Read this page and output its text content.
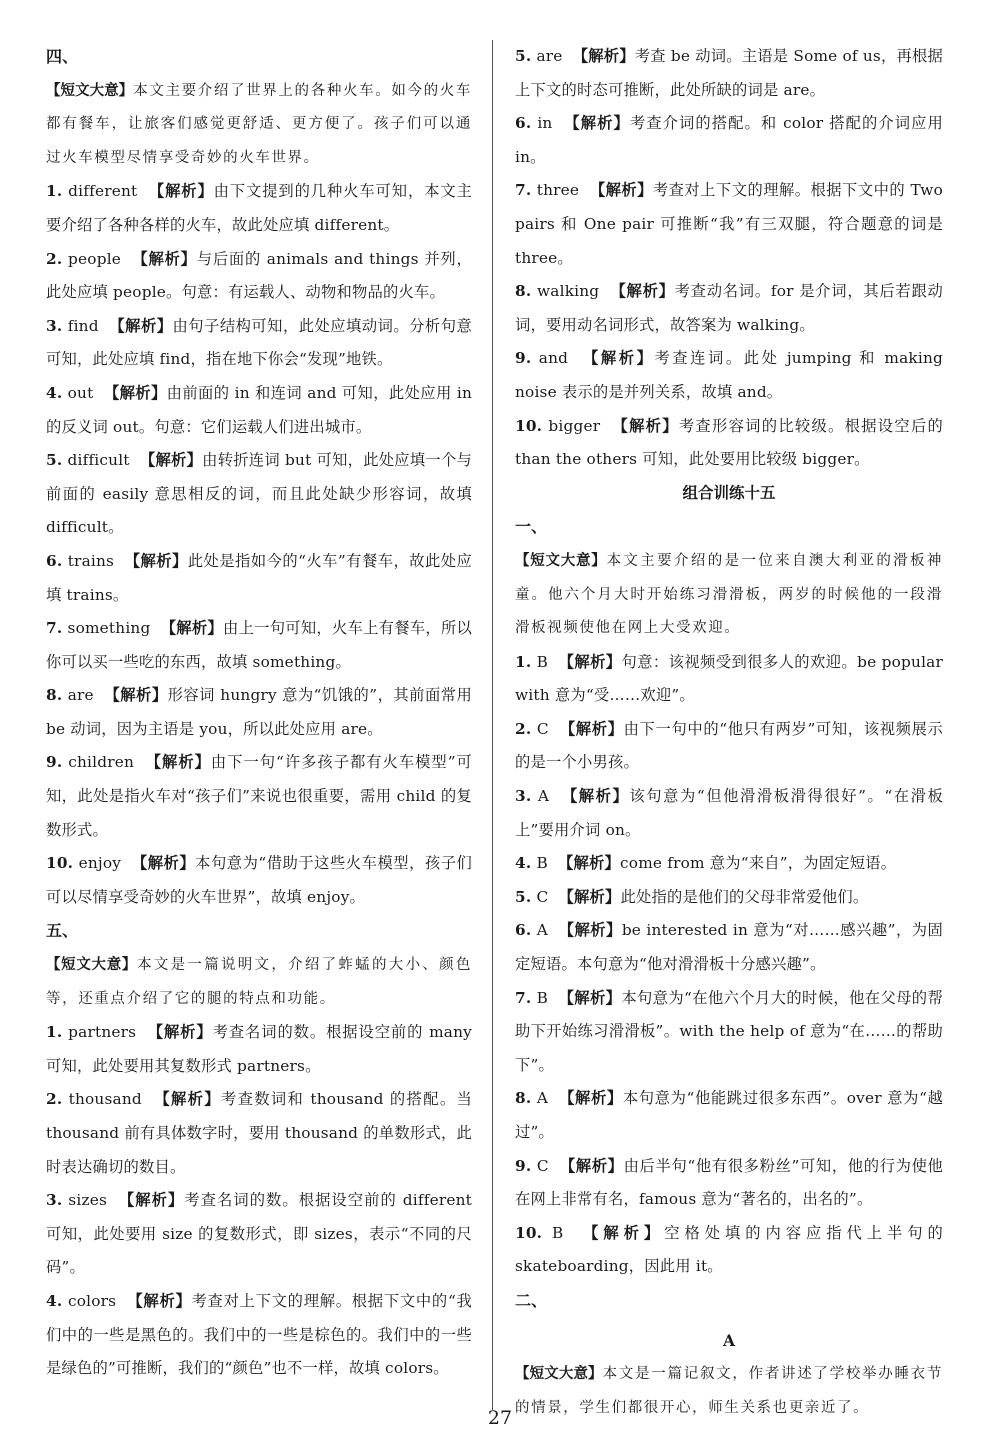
四、

【短文大意】本文主要介绍了世界上的各种火车。如今的火车都有餐车，让旅客们感觉更舒适、更方便了。孩子们可以通过火车模型尽情享受奇妙的火车世界。

1. different 【解析】由下文提到的几种火车可知，本文主要介绍了各种各样的火车，故此处应填 different。

2. people 【解析】与后面的 animals and things 并列，此处应填 people。句意：有运载人、动物和物品的火车。

3. find 【解析】由句子结构可知，此处应填动词。分析句意可知，此处应填 find，指在地下你会“发现”地铁。

4. out 【解析】由前面的 in 和连词 and 可知，此处应用 in 的反义词 out。句意：它们运载人们进出城市。

5. difficult 【解析】由转折连词 but 可知，此处应填一个与前面的 easily 意思相反的词，而且此处缺少形容词，故填 difficult。

6. trains 【解析】此处是指如今的“火车”有餐车，故此处应填 trains。

7. something 【解析】由上一句可知，火车上有餐车，所以你可以买一些吃的东西，故填 something。

8. are 【解析】形容词 hungry 意为“饥饿的”，其前面常用 be 动词，因为主语是 you，所以此处应用 are。

9. children 【解析】由下一句“许多孩子都有火车模型”可知，此处是指火车对“孩子们”来说也很重要，需用 child 的复数形式。

10. enjoy 【解析】本句意为“借助于这些火车模型，孩子们可以尽情享受奇妙的火车世界”，故填 enjoy。

五、

【短文大意】本文是一篇说明文，介绍了蚱蜢的大小、颜色等，还重点介绍了它的腿的特点和功能。

1. partners 【解析】考查名词的数。根据设空前的 many 可知，此处要用其复数形式 partners。

2. thousand 【解析】考查数词和 thousand 的搭配。当 thousand 前有具体数字时，要用 thousand 的单数形式，此时表达确切的数目。

3. sizes 【解析】考查名词的数。根据设空前的 different 可知，此处要用 size 的复数形式，即 sizes，表示“不同的尺码”。

4. colors 【解析】考查对上下文的理解。根据下文中的“我们中的一些是黑色的。我们中的一些是棕色的。我们中的一些是绿色的”可推断，我们的“颜色”也不一样，故填 colors。

5. are 【解析】考查 be 动词。主语是 Some of us，再根据上下文的时态可推断，此处所缺的词是 are。

6. in 【解析】考查介词的搭配。和 color 搭配的介词应用 in。

7. three 【解析】考查对上下文的理解。根据下文中的 Two pairs 和 One pair 可推断“我”有三双腿，符合题意的词是 three。

8. walking 【解析】考查动名词。for 是介词，其后若跟动词，要用动名词形式，故答案为 walking。

9. and 【解析】考查连词。此处 jumping 和 making noise 表示的是并列关系，故填 and。

10. bigger 【解析】考查形容词的比较级。根据设空后的 than the others 可知，此处要用比较级 bigger。

组合训练十五
一、

【短文大意】本文主要介绍的是一位来自澳大利亚的滑板神童。他六个月大时开始练习滑滑板，两岁的时候他的一段滑滑板视频使他在网上大受欢迎。

1. B 【解析】句意：该视频受到很多人的欢迎。be popular with 意为“受……欢迎”。

2. C 【解析】由下一句中的“他只有两岁”可知，该视频展示的是一个小男孩。

3. A 【解析】该句意为“但他滑滑板滑得很好”。“在滑板上”要用介词 on。

4. B 【解析】come from 意为“来自”，为固定短语。

5. C 【解析】此处指的是他们的父母非常爱他们。

6. A 【解析】be interested in 意为“对……感兴趣”，为固定短语。本句意为“他对滑滑板十分感兴趣”。

7. B 【解析】本句意为“在他六个月大的时候，他在父母的帮助下开始练习滑滑板”。with the help of 意为“在……的帮助下”。

8. A 【解析】本句意为“他能跳过很多东西”。over 意为“越过”。

9. C 【解析】由后半句“他有很多粉丝”可知，他的行为使他在网上非常有名，famous 意为“著名的，出名的”。

10. B 【解析】空格处填的内容应指代上半句的 skateboarding，因此用 it。

二、
A

【短文大意】本文是一篇记叙文，作者讲述了学校举办睡衣节的情景，学生们都很开心，师生关系也更亲近了。

27
